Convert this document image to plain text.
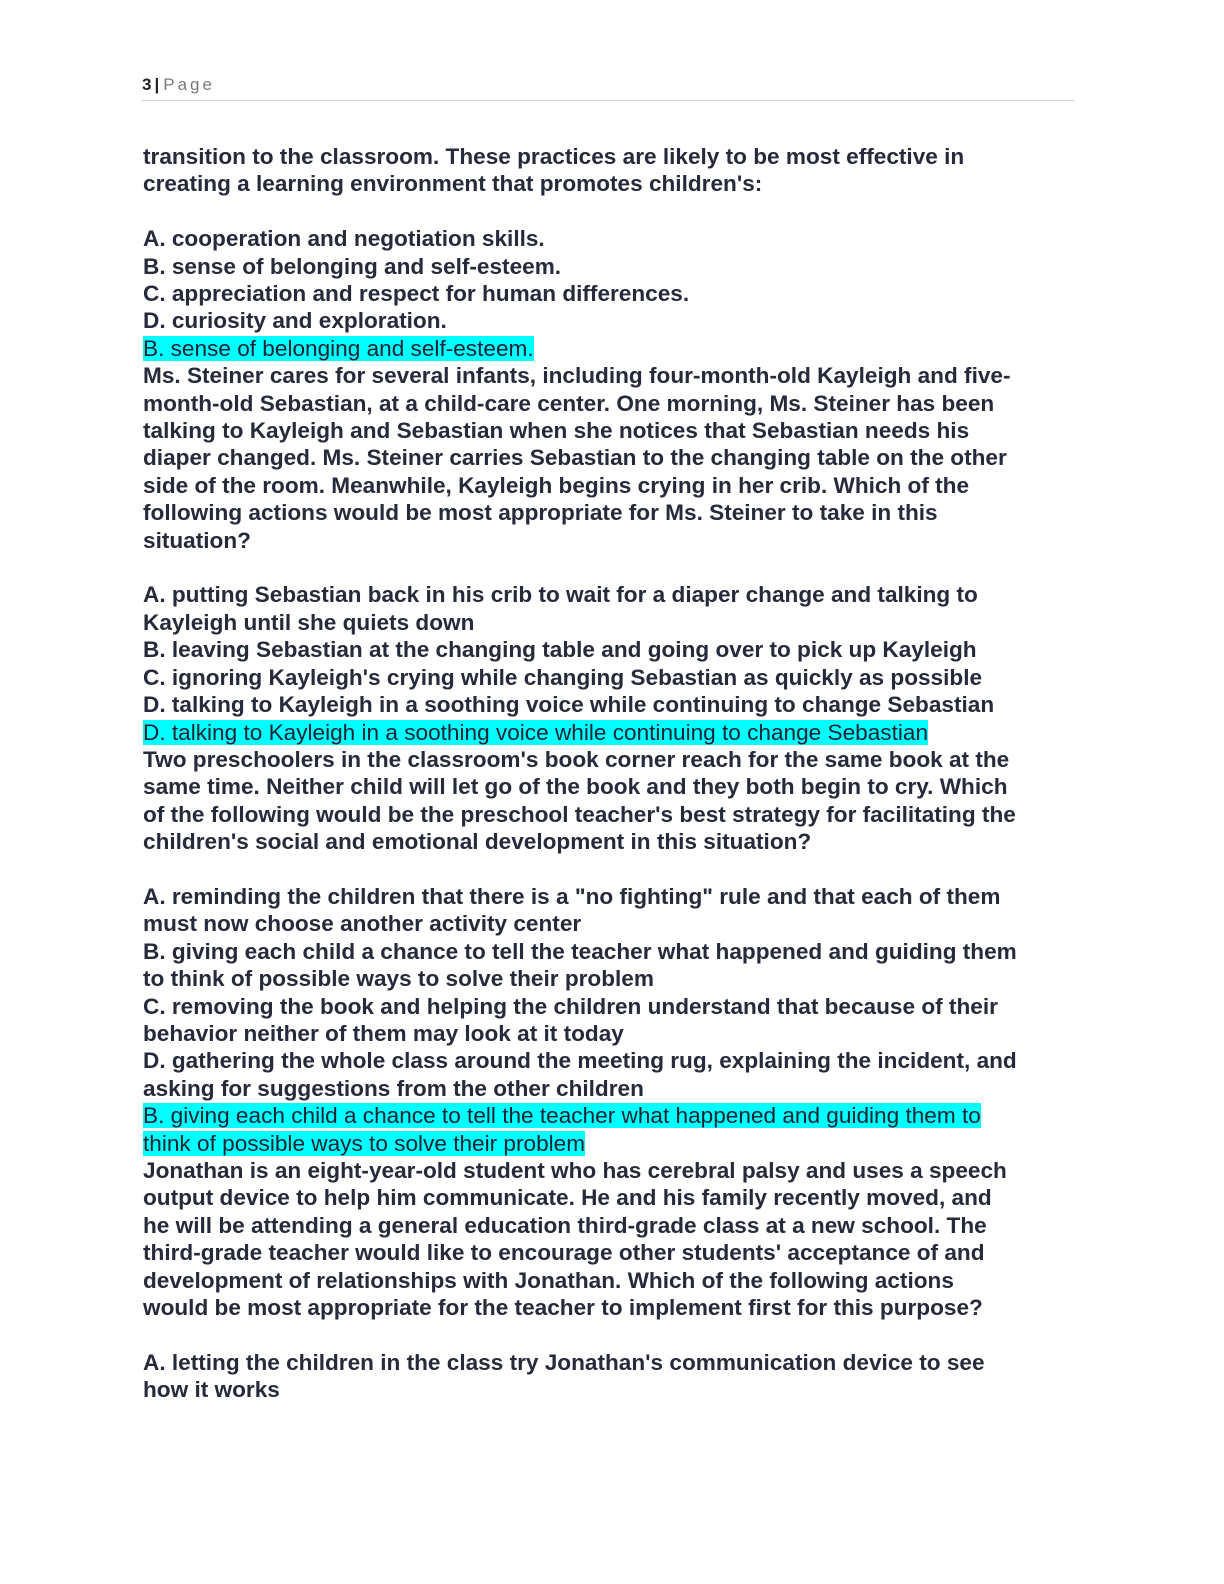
3 | Page

transition to the classroom. These practices are likely to be most effective in
creating a learning environment that promotes children's:

A. cooperation and negotiation skills.

B. sense of belonging and self-esteem.

C. appreciation and respect for human differences.

D. curiosity and exploration.

B. sense of belonging and self-esteem.

Ms. Steiner cares for several infants, including four-month-old Kayleigh and five-
month-old Sebastian, at a child-care center. One morning, Ms. Steiner has been
talking to Kayleigh and Sebastian when she notices that Sebastian needs his
diaper changed. Ms. Steiner carries Sebastian to the changing table on the other
side of the room. Meanwhile, Kayleigh begins crying in her crib. Which of the
following actions would be most appropriate for Ms. Steiner to take in this
situation?

A. putting Sebastian back in his crib to wait for a diaper change and talking to
Kayleigh until she quiets down

B. leaving Sebastian at the changing table and going over to pick up Kayleigh

C. ignoring Kayleigh's crying while changing Sebastian as quickly as possible

D. talking to Kayleigh in a soothing voice while continuing to change Sebastian

D. talking to Kayleigh in a soothing voice while continuing to change Sebastian

Two preschoolers in the classroom's book corner reach for the same book at the
same time. Neither child will let go of the book and they both begin to cry. Which
of the following would be the preschool teacher's best strategy for facilitating the
children's social and emotional development in this situation?

A. reminding the children that there is a "no fighting" rule and that each of them
must now choose another activity center

B. giving each child a chance to tell the teacher what happened and guiding them
to think of possible ways to solve their problem

C. removing the book and helping the children understand that because of their
behavior neither of them may look at it today

D. gathering the whole class around the meeting rug, explaining the incident, and
asking for suggestions from the other children

B. giving each child a chance to tell the teacher what happened and guiding them to

think of possible ways to solve their problem

Jonathan is an eight-year-old student who has cerebral palsy and uses a speech
output device to help him communicate. He and his family recently moved, and
he will be attending a general education third-grade class at a new school. The
third-grade teacher would like to encourage other students' acceptance of and
development of relationships with Jonathan. Which of the following actions
would be most appropriate for the teacher to implement first for this purpose?

A. letting the children in the class try Jonathan's communication device to see
how it works
